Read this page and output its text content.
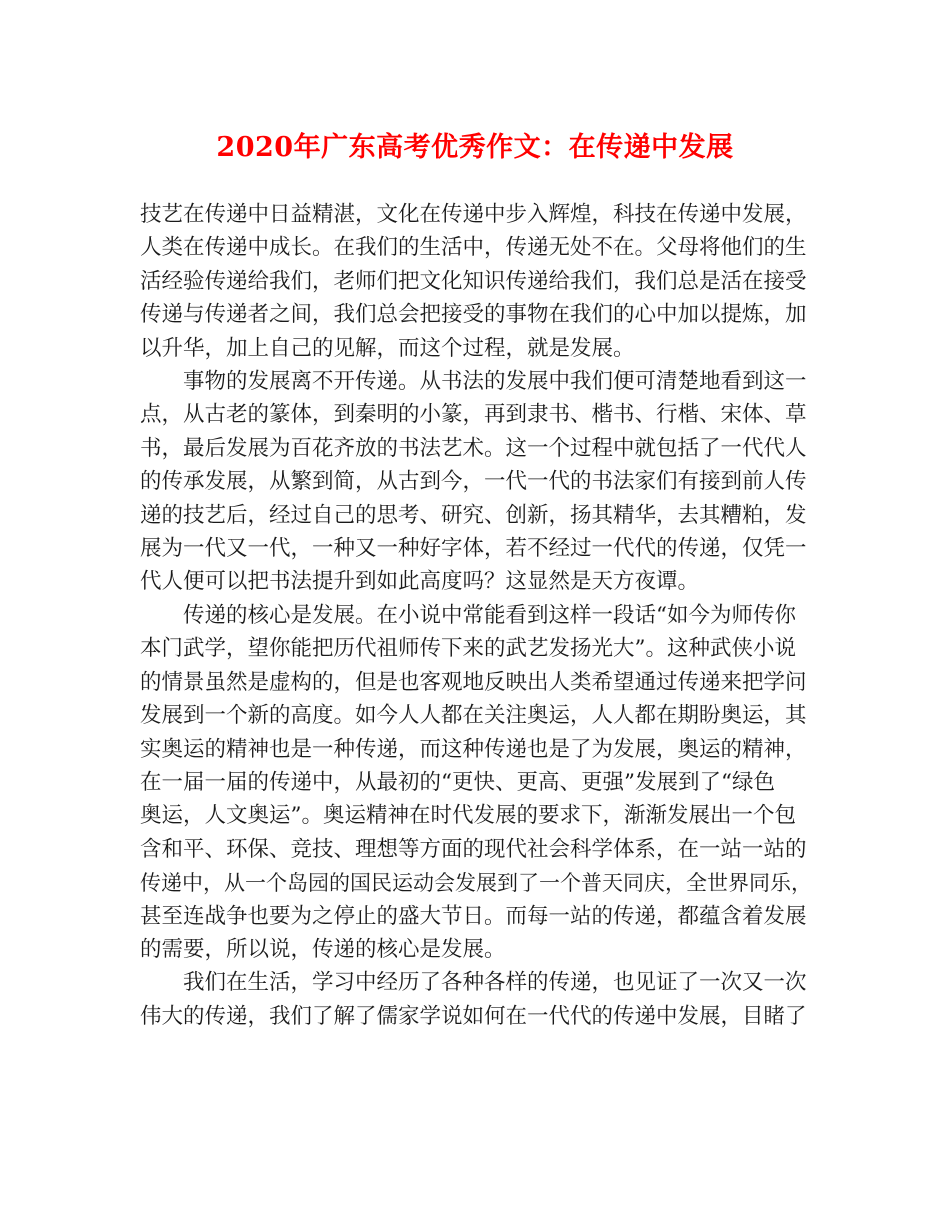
2020年广东高考优秀作文：在传递中发展

技艺在传递中日益精湛，文化在传递中步入辉煌，科技在传递中发展，
人类在传递中成长。在我们的生活中，传递无处不在。父母将他们的生
活经验传递给我们，老师们把文化知识传递给我们，我们总是活在接受
传递与传递者之间，我们总会把接受的事物在我们的心中加以提炼，加
以升华，加上自己的见解，而这个过程，就是发展。

事物的发展离不开传递。从书法的发展中我们便可清楚地看到这一
点，从古老的篆体，到秦明的小篆，再到隶书、楷书、行楷、宋体、草
书，最后发展为百花齐放的书法艺术。这一个过程中就包括了一代代人
的传承发展，从繁到简，从古到今，一代一代的书法家们有接到前人传
递的技艺后，经过自己的思考、研究、创新，扬其精华，去其糟粕，发
展为一代又一代，一种又一种好字体，若不经过一代代的传递，仅凭一
代人便可以把书法提升到如此高度吗？这显然是天方夜谭。

传递的核心是发展。在小说中常能看到这样一段话“如今为师传你
本门武学，望你能把历代祖师传下来的武艺发扬光大”。这种武侠小说
的情景虽然是虚构的，但是也客观地反映出人类希望通过传递来把学问
发展到一个新的高度。如今人人都在关注奥运，人人都在期盼奥运，其
实奥运的精神也是一种传递，而这种传递也是了为发展，奥运的精神，
在一届一届的传递中，从最初的“更快、更高、更强”发展到了“绿色
奥运，人文奥运”。奥运精神在时代发展的要求下，渐渐发展出一个包
含和平、环保、竞技、理想等方面的现代社会科学体系，在一站一站的
传递中，从一个岛园的国民运动会发展到了一个普天同庆，全世界同乐，
甚至连战争也要为之停止的盛大节日。而每一站的传递，都蕴含着发展
的需要，所以说，传递的核心是发展。

我们在生活，学习中经历了各种各样的传递，也见证了一次又一次
伟大的传递，我们了解了儒家学说如何在一代代的传递中发展，目睹了
